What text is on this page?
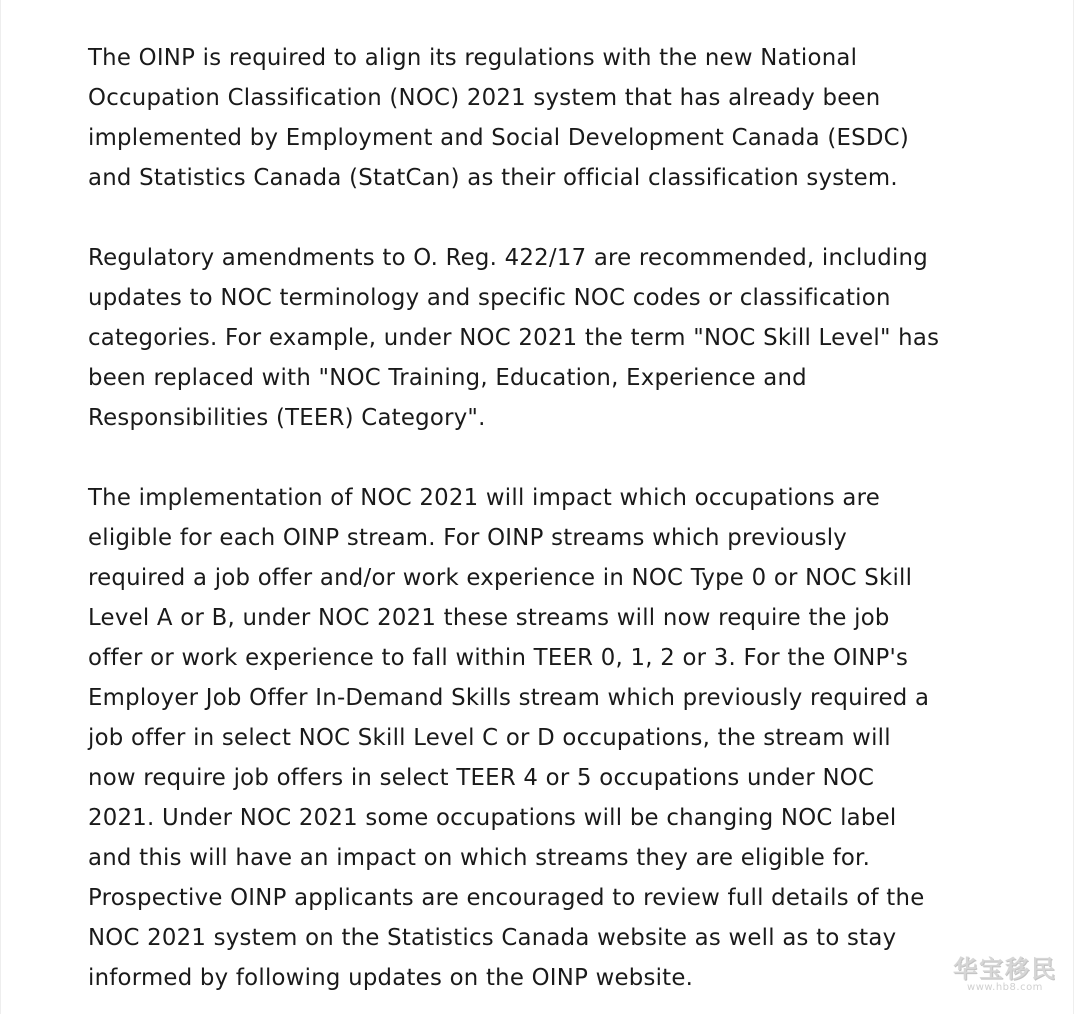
The OINP is required to align its regulations with the new National
Occupation Classification (NOC) 2021 system that has already been
implemented by Employment and Social Development Canada (ESDC)
and Statistics Canada (StatCan) as their official classification system.

Regulatory amendments to O. Reg. 422/17 are recommended, including
updates to NOC terminology and specific NOC codes or classification
categories. For example, under NOC 2021 the term "NOC Skill Level" has
been replaced with "NOC Training, Education, Experience and
Responsibilities (TEER) Category".

The implementation of NOC 2021 will impact which occupations are
eligible for each OINP stream. For OINP streams which previously
required a job offer and/or work experience in NOC Type 0 or NOC Skill
Level A or B, under NOC 2021 these streams will now require the job
offer or work experience to fall within TEER 0, 1, 2 or 3. For the OINP's
Employer Job Offer In-Demand Skills stream which previously required a
job offer in select NOC Skill Level C or D occupations, the stream will
now require job offers in select TEER 4 or 5 occupations under NOC
2021. Under NOC 2021 some occupations will be changing NOC label
and this will have an impact on which streams they are eligible for.
Prospective OINP applicants are encouraged to review full details of the
NOC 2021 system on the Statistics Canada website as well as to stay
informed by following updates on the OINP website.	华宝移民
www.hb8.com
